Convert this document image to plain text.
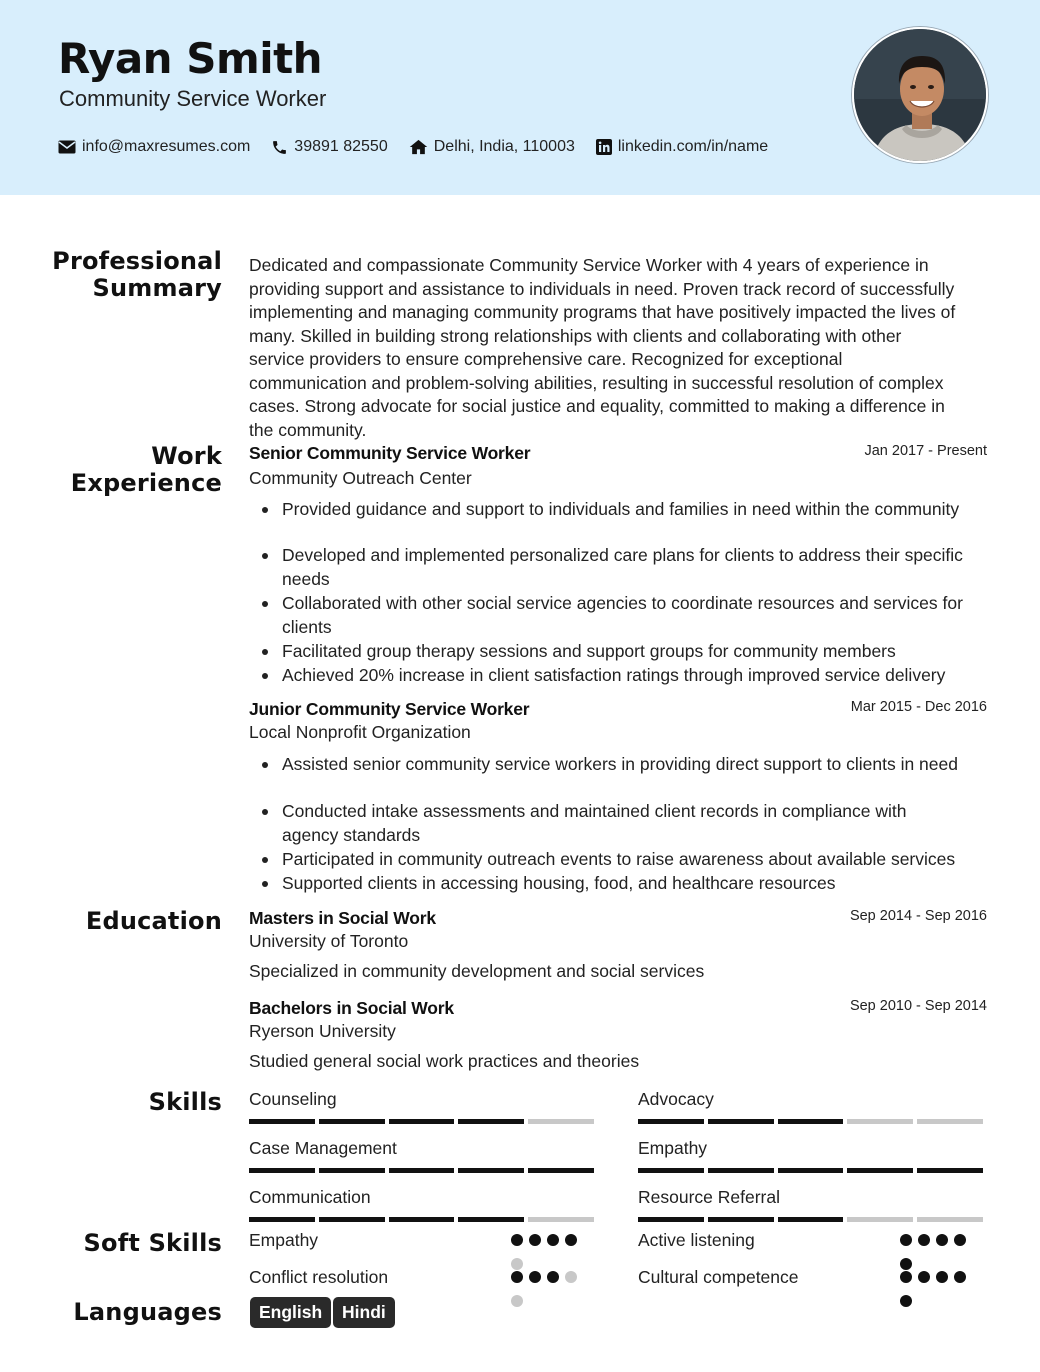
Ryan Smith
Community Service Worker
info@maxresumes.com	39891 82550	Delhi, India, 110003	linkedin.com/in/name
Professional
Summary
Dedicated and compassionate Community Service Worker with 4 years of experience in
providing support and assistance to individuals in need. Proven track record of successfully
implementing and managing community programs that have positively impacted the lives of
many. Skilled in building strong relationships with clients and collaborating with other
service providers to ensure comprehensive care. Recognized for exceptional
communication and problem-solving abilities, resulting in successful resolution of complex
cases. Strong advocate for social justice and equality, committed to making a difference in
the community.
Work
Experience
Senior Community Service Worker	Jan 2017 - Present
Community Outreach Center
Provided guidance and support to individuals and families in need within the community
Developed and implemented personalized care plans for clients to address their specific
needs
Collaborated with other social service agencies to coordinate resources and services for
clients
Facilitated group therapy sessions and support groups for community members
Achieved 20% increase in client satisfaction ratings through improved service delivery
Junior Community Service Worker	Mar 2015 - Dec 2016
Local Nonprofit Organization
Assisted senior community service workers in providing direct support to clients in need
Conducted intake assessments and maintained client records in compliance with
agency standards
Participated in community outreach events to raise awareness about available services
Supported clients in accessing housing, food, and healthcare resources
Education Masters in Social Work	Sep 2014 - Sep 2016
University of Toronto
Specialized in community development and social services
Bachelors in Social Work	Sep 2010 - Sep 2014
Ryerson University
Studied general social work practices and theories
Skills Counseling	Advocacy
Case Management	Empathy
Communication	Resource Referral
Soft Skills Empathy	Active listening
Conflict resolution	Cultural competence
Languages	English	Hindi
